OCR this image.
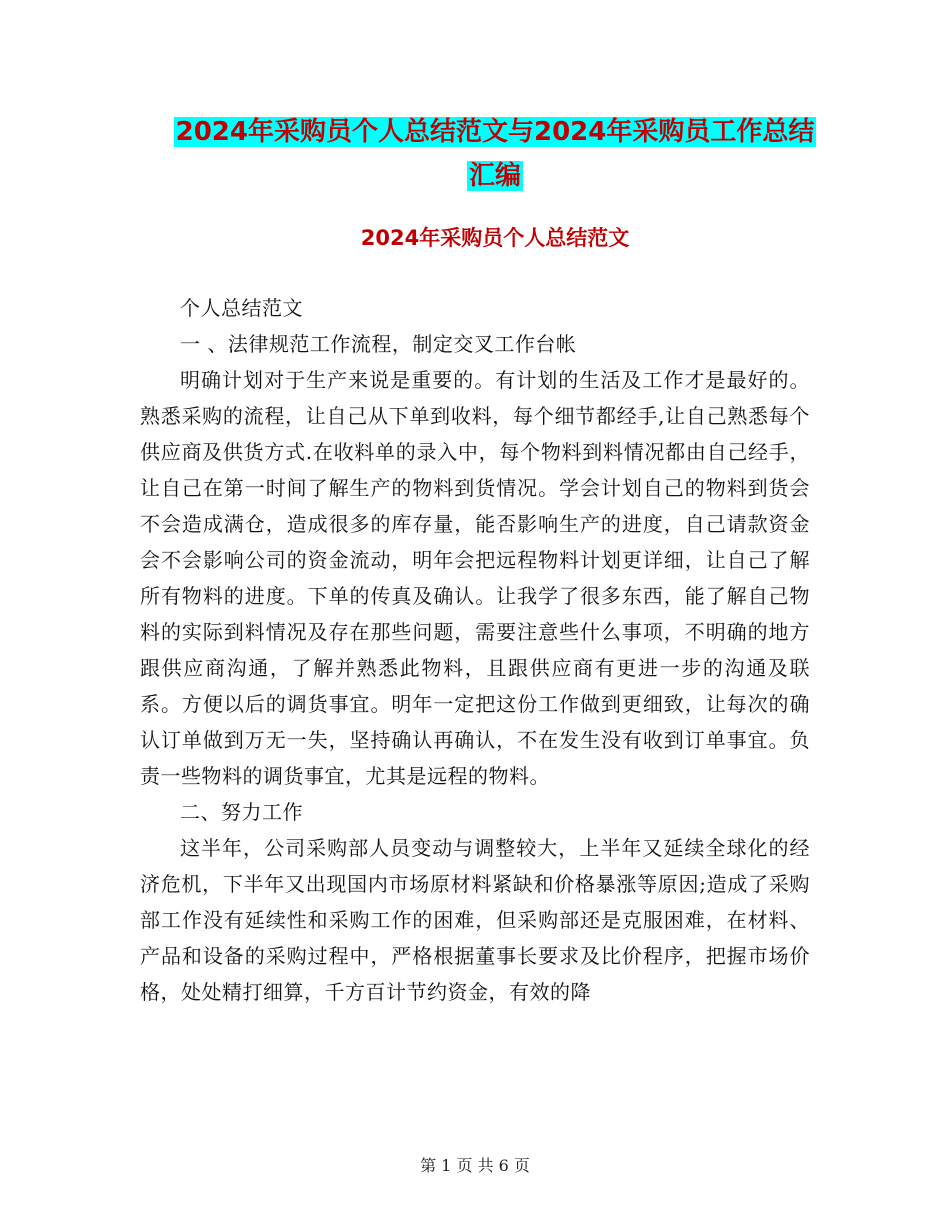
2024年采购员个人总结范文与2024年采购员工作总结
汇编
2024年采购员个人总结范文

个人总结范文

一 、法律规范工作流程，制定交叉工作台帐

明确计划对于生产来说是重要的。有计划的生活及工作才是最好的。熟悉采购的流程，让自己从下单到收料，每个细节都经手,让自己熟悉每个供应商及供货方式.在收料单的录入中，每个物料到料情况都由自己经手，让自己在第一时间了解生产的物料到货情况。学会计划自己的物料到货会不会造成满仓，造成很多的库存量，能否影响生产的进度，自己请款资金会不会影响公司的资金流动，明年会把远程物料计划更详细，让自己了解所有物料的进度。下单的传真及确认。让我学了很多东西，能了解自己物料的实际到料情况及存在那些问题，需要注意些什么事项，不明确的地方跟供应商沟通，了解并熟悉此物料，且跟供应商有更进一步的沟通及联系。方便以后的调货事宜。明年一定把这份工作做到更细致，让每次的确认订单做到万无一失，坚持确认再确认，不在发生没有收到订单事宜。负责一些物料的调货事宜，尤其是远程的物料。

二、努力工作

这半年，公司采购部人员变动与调整较大，上半年又延续全球化的经济危机，下半年又出现国内市场原材料紧缺和价格暴涨等原因;造成了采购部工作没有延续性和采购工作的困难，但采购部还是克服困难，在材料、产品和设备的采购过程中，严格根据董事长要求及比价程序，把握市场价格，处处精打细算，千方百计节约资金，有效的降

第 1 页 共 6 页
